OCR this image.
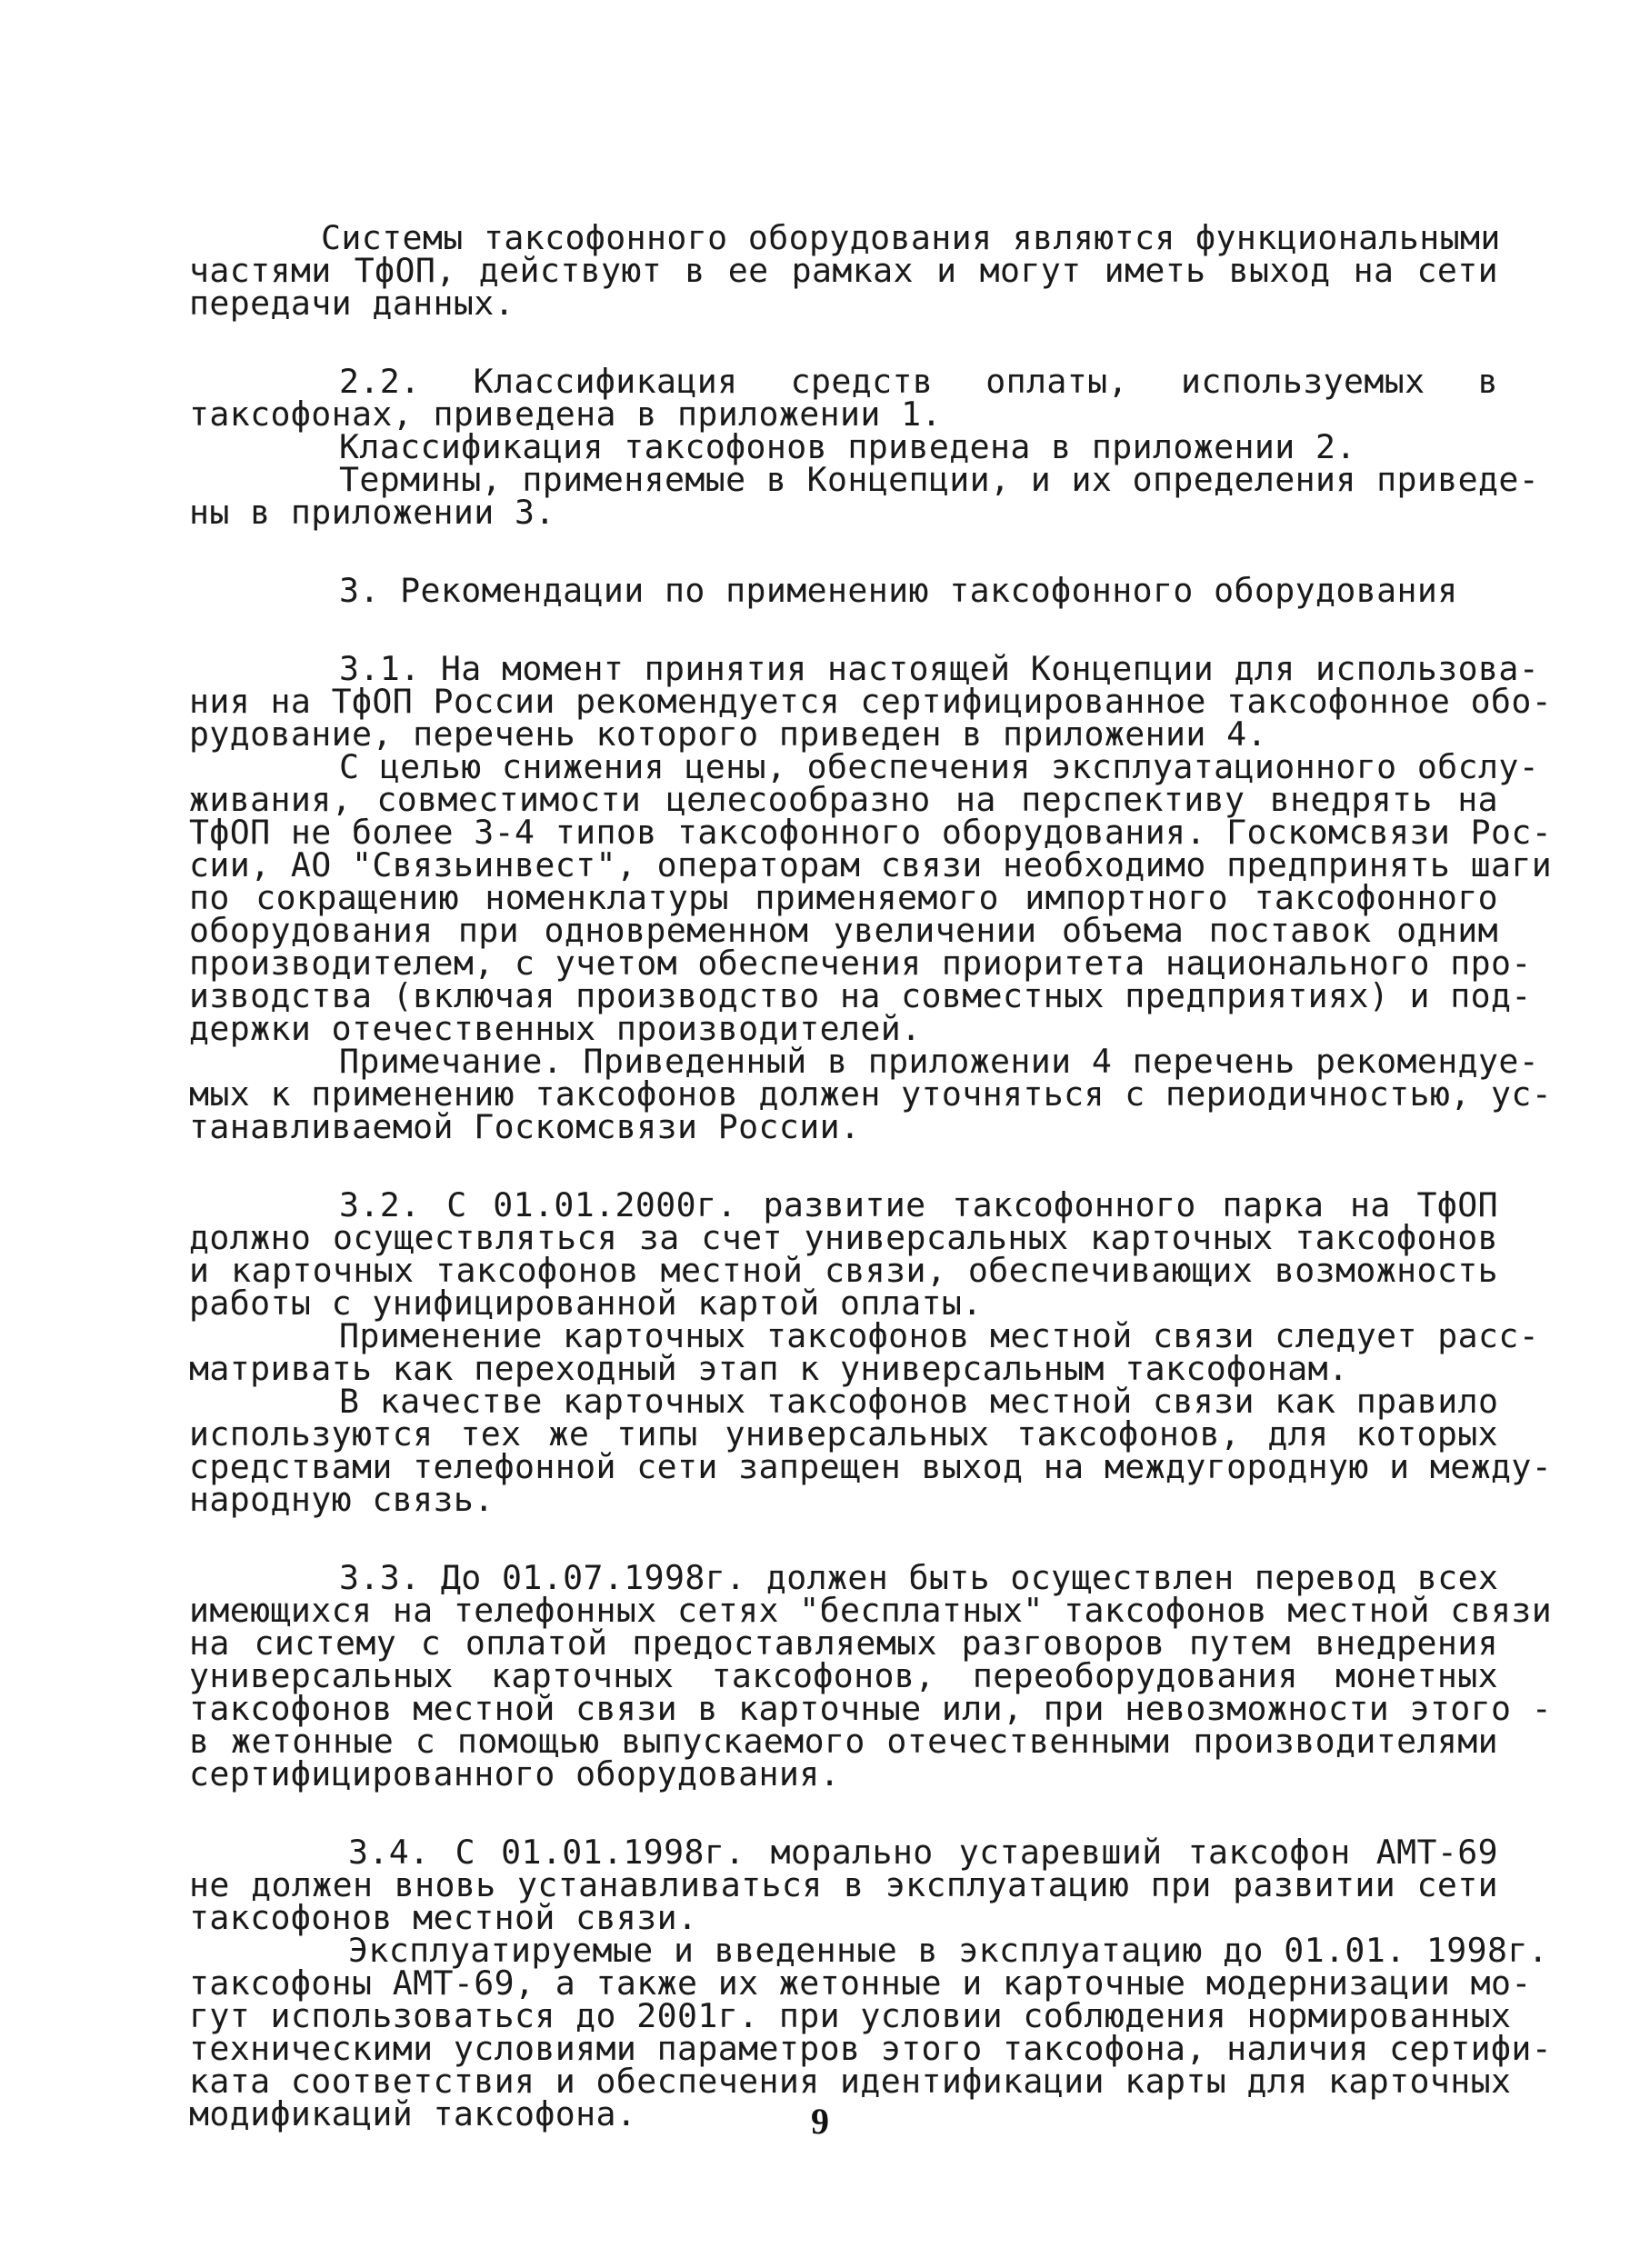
Системы таксофонного оборудования являются функциональными
частями ТфОП, действуют в ее рамках и могут иметь выход на сети
передачи данных.
2.2. Классификация средств оплаты, используемых в
таксофонах, приведена в приложении 1.
Классификация таксофонов приведена в приложении 2.
Термины, применяемые в Концепции, и их определения приведе-
ны в приложении 3.
3. Рекомендации по применению таксофонного оборудования
3.1. На момент принятия настоящей Концепции для использова-
ния на ТфОП России рекомендуется сертифицированное таксофонное обо-
рудование, перечень которого приведен в приложении 4.
С целью снижения цены, обеспечения эксплуатационного обслу-
живания, совместимости целесообразно на перспективу внедрять на
ТфОП не более 3-4 типов таксофонного оборудования. Госкомсвязи Рос-
сии, АО "Связьинвест", операторам связи необходимо предпринять шаги
по сокращению номенклатуры применяемого импортного таксофонного
оборудования при одновременном увеличении объема поставок одним
производителем, с учетом обеспечения приоритета национального про-
изводства (включая производство на совместных предприятиях) и под-
держки отечественных производителей.
Примечание. Приведенный в приложении 4 перечень рекомендуе-
мых к применению таксофонов должен уточняться с периодичностью, ус-
танавливаемой Госкомсвязи России.
3.2. С 01.01.2000г. развитие таксофонного парка на ТфОП
должно осуществляться за счет универсальных карточных таксофонов
и карточных таксофонов местной связи, обеспечивающих возможность
работы с унифицированной картой оплаты.
Применение карточных таксофонов местной связи следует расс-
матривать как переходный этап к универсальным таксофонам.
В качестве карточных таксофонов местной связи как правило
используются тех же типы универсальных таксофонов, для которых
средствами телефонной сети запрещен выход на междугородную и между-
народную связь.
3.3. До 01.07.1998г. должен быть осуществлен перевод всех
имеющихся на телефонных сетях "бесплатных" таксофонов местной связи
на систему с оплатой предоставляемых разговоров путем внедрения
универсальных карточных таксофонов, переоборудования монетных
таксофонов местной связи в карточные или, при невозможности этого -
в жетонные с помощью выпускаемого отечественными производителями
сертифицированного оборудования.
3.4. С 01.01.1998г. морально устаревший таксофон АМТ-69
не должен вновь устанавливаться в эксплуатацию при развитии сети
таксофонов местной связи.
Эксплуатируемые и введенные в эксплуатацию до 01.01. 1998г.
таксофоны АМТ-69, а также их жетонные и карточные модернизации мо-
гут использоваться до 2001г. при условии соблюдения нормированных
техническими условиями параметров этого таксофона, наличия сертифи-
ката соответствия и обеспечения идентификации карты для карточных
модификаций таксофона.	9
